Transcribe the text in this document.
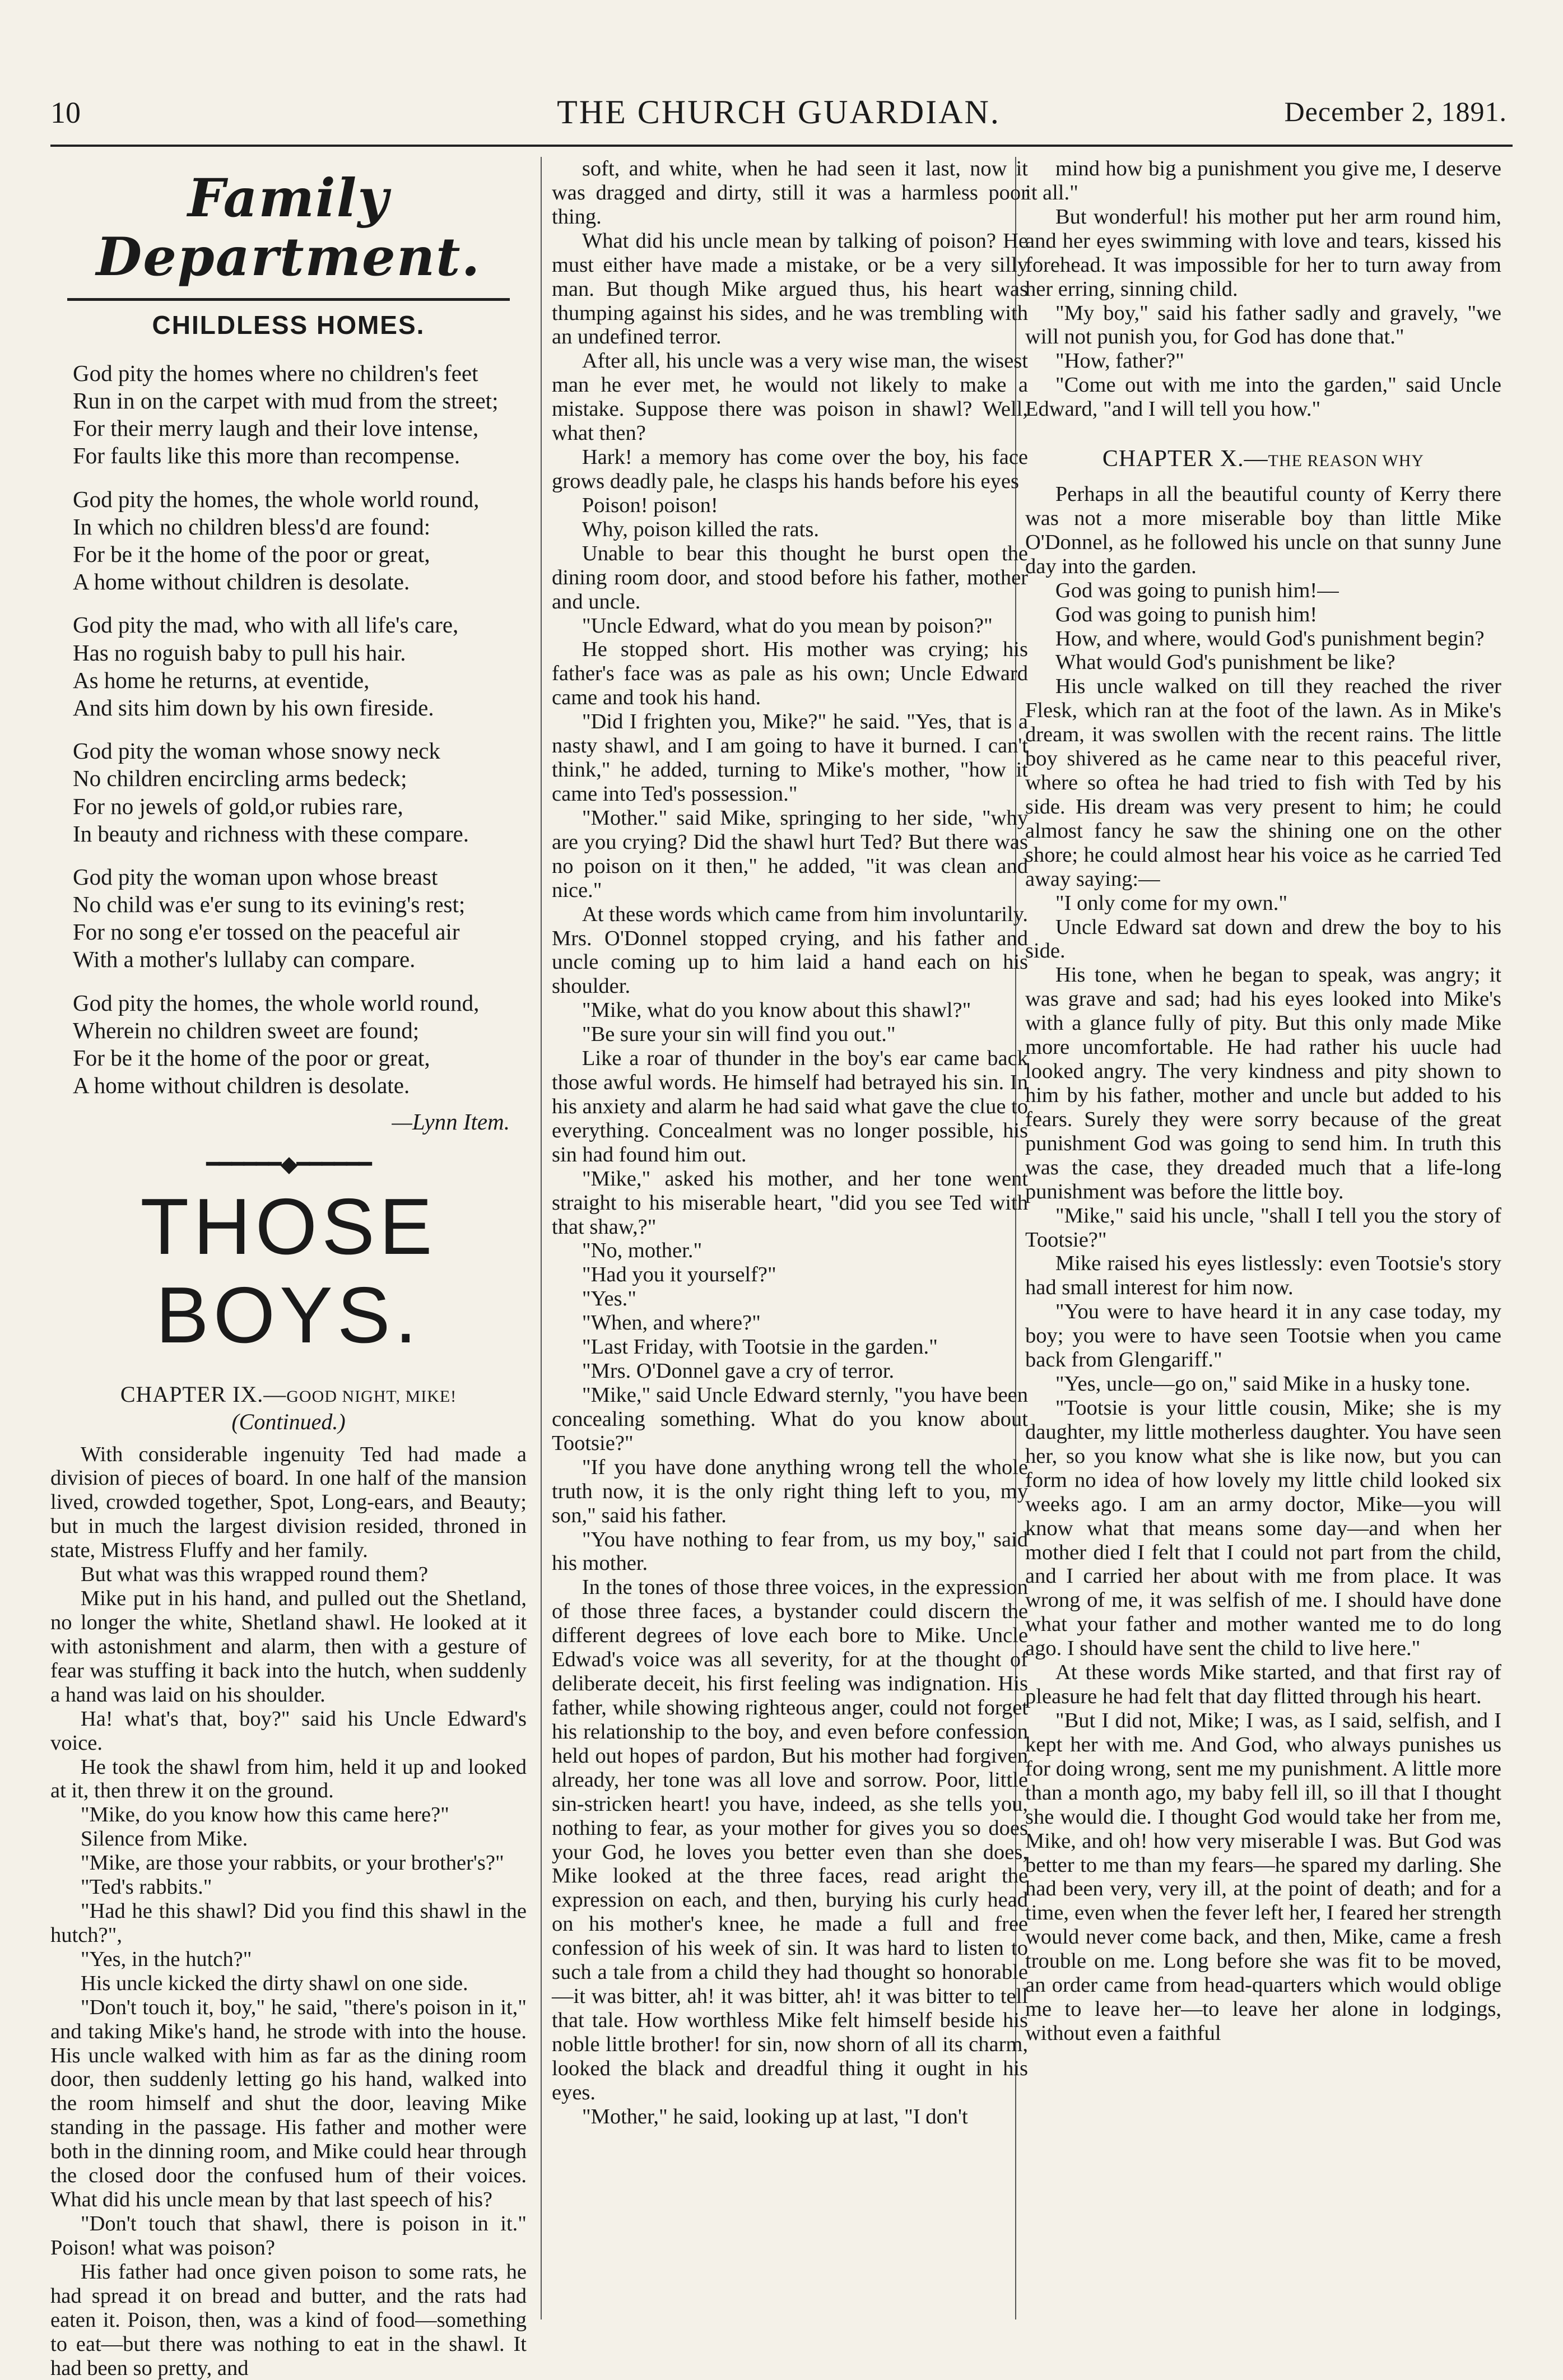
10	THE CHURCH GUARDIAN.	December 2, 1891.
Family Department.
CHILDLESS HOMES.
God pity the homes where no children's feet
Run in on the carpet with mud from the street;
For their merry laugh and their love intense,
For faults like this more than recompense.
God pity the homes, the whole world round,
In which no children bless'd are found:
For be it the home of the poor or great,
A home without children is desolate.
God pity the mad, who with all life's care,
Has no roguish baby to pull his hair.
As home he returns, at eventide,
And sits him down by his own fireside.
God pity the woman whose snowy neck
No children encircling arms bedeck;
For no jewels of gold,or rubies rare,
In beauty and richness with these compare.
God pity the woman upon whose breast
No child was e'er sung to its evining's rest;
For no song e'er tossed on the peaceful air
With a mother's lullaby can compare.
God pity the homes, the whole world round,
Wherein no children sweet are found;
For be it the home of the poor or great,
A home without children is desolate.
—Lynn Item.
━━━━━━◆━━━━━━
THOSE BOYS.
CHAPTER IX.—GOOD NIGHT, MIKE!
(Continued.)

With considerable ingenuity Ted had made a division of pieces of board. In one half of the mansion lived, crowded together, Spot, Long-ears, and Beauty; but in much the largest division resided, throned in state, Mistress Fluffy and her family.

But what was this wrapped round them?

Mike put in his hand, and pulled out the Shetland, no longer the white, Shetland shawl. He looked at it with astonishment and alarm, then with a gesture of fear was stuffing it back into the hutch, when suddenly a hand was laid on his shoulder.

Ha! what's that, boy?" said his Uncle Edward's voice.

He took the shawl from him, held it up and looked at it, then threw it on the ground.

"Mike, do you know how this came here?"

Silence from Mike.

"Mike, are those your rabbits, or your brother's?"

"Ted's rabbits."

"Had he this shawl? Did you find this shawl in the hutch?",

"Yes, in the hutch?"

His uncle kicked the dirty shawl on one side.

"Don't touch it, boy," he said, "there's poison in it," and taking Mike's hand, he strode with into the house. His uncle walked with him as far as the dining room door, then suddenly letting go his hand, walked into the room himself and shut the door, leaving Mike standing in the passage. His father and mother were both in the dinning room, and Mike could hear through the closed door the confused hum of their voices. What did his uncle mean by that last speech of his?

"Don't touch that shawl, there is poison in it." Poison! what was poison?

His father had once given poison to some rats, he had spread it on bread and butter, and the rats had eaten it. Poison, then, was a kind of food—something to eat—but there was nothing to eat in the shawl. It had been so pretty, and

soft, and white, when he had seen it last, now it was dragged and dirty, still it was a harmless poor thing.

What did his uncle mean by talking of poison? He must either have made a mistake, or be a very silly man. But though Mike argued thus, his heart was thumping against his sides, and he was trembling with an undefined terror.

After all, his uncle was a very wise man, the wisest man he ever met, he would not likely to make a mistake. Suppose there was poison in shawl? Well, what then?

Hark! a memory has come over the boy, his face grows deadly pale, he clasps his hands before his eyes

Poison! poison!

Why, poison killed the rats.

Unable to bear this thought he burst open the dining room door, and stood before his father, mother and uncle.

"Uncle Edward, what do you mean by poison?"

He stopped short. His mother was crying; his father's face was as pale as his own; Uncle Edward came and took his hand.

"Did I frighten you, Mike?" he said. "Yes, that is a nasty shawl, and I am going to have it burned. I can't think," he added, turning to Mike's mother, "how it came into Ted's possession."

"Mother." said Mike, springing to her side, "why are you crying? Did the shawl hurt Ted? But there was no poison on it then," he added, "it was clean and nice."

At these words which came from him involuntarily. Mrs. O'Donnel stopped crying, and his father and uncle coming up to him laid a hand each on his shoulder.

"Mike, what do you know about this shawl?"

"Be sure your sin will find you out."

Like a roar of thunder in the boy's ear came back those awful words. He himself had betrayed his sin. In his anxiety and alarm he had said what gave the clue to everything. Concealment was no longer possible, his sin had found him out.

"Mike," asked his mother, and her tone went straight to his miserable heart, "did you see Ted with that shaw,?"

"No, mother."

"Had you it yourself?"

"Yes."

"When, and where?"

"Last Friday, with Tootsie in the garden."

"Mrs. O'Donnel gave a cry of terror.

"Mike," said Uncle Edward sternly, "you have been concealing something. What do you know about Tootsie?"

"If you have done anything wrong tell the whole truth now, it is the only right thing left to you, my son," said his father.

"You have nothing to fear from, us my boy," said his mother.

In the tones of those three voices, in the expression of those three faces, a bystander could discern the different degrees of love each bore to Mike. Uncle Edwad's voice was all severity, for at the thought of deliberate deceit, his first feeling was indignation. His father, while showing righteous anger, could not forget his relationship to the boy, and even before confession held out hopes of pardon, But his mother had forgiven already, her tone was all love and sorrow. Poor, little sin-stricken heart! you have, indeed, as she tells you, nothing to fear, as your mother for gives you so does your God, he loves you better even than she does, Mike looked at the three faces, read aright the expression on each, and then, burying his curly head on his mother's knee, he made a full and free confession of his week of sin. It was hard to listen to such a tale from a child they had thought so honorable—it was bitter, ah! it was bitter, ah! it was bitter to tell that tale. How worthless Mike felt himself beside his noble little brother! for sin, now shorn of all its charm, looked the black and dreadful thing it ought in his eyes.

"Mother," he said, looking up at last, "I don't

mind how big a punishment you give me, I deserve it all."

But wonderful! his mother put her arm round him, and her eyes swimming with love and tears, kissed his forehead. It was impossible for her to turn away from her erring, sinning child.

"My boy," said his father sadly and gravely, "we will not punish you, for God has done that."

"How, father?"

"Come out with me into the garden," said Uncle Edward, "and I will tell you how."

CHAPTER X.—THE REASON WHY

Perhaps in all the beautiful county of Kerry there was not a more miserable boy than little Mike O'Donnel, as he followed his uncle on that sunny June day into the garden.

God was going to punish him!—

God was going to punish him!

How, and where, would God's punishment begin?

What would God's punishment be like?

His uncle walked on till they reached the river Flesk, which ran at the foot of the lawn. As in Mike's dream, it was swollen with the recent rains. The little boy shivered as he came near to this peaceful river, where so oftea he had tried to fish with Ted by his side. His dream was very present to him; he could almost fancy he saw the shining one on the other shore; he could almost hear his voice as he carried Ted away saying:—

"I only come for my own."

Uncle Edward sat down and drew the boy to his side.

His tone, when he began to speak, was angry; it was grave and sad; had his eyes looked into Mike's with a glance fully of pity. But this only made Mike more uncomfortable. He had rather his uucle had looked angry. The very kindness and pity shown to him by his father, mother and uncle but added to his fears. Surely they were sorry because of the great punishment God was going to send him. In truth this was the case, they dreaded much that a life-long punishment was before the little boy.

"Mike," said his uncle, "shall I tell you the story of Tootsie?"

Mike raised his eyes listlessly: even Tootsie's story had small interest for him now.

"You were to have heard it in any case today, my boy; you were to have seen Tootsie when you came back from Glengariff."

"Yes, uncle—go on," said Mike in a husky tone.

"Tootsie is your little cousin, Mike; she is my daughter, my little motherless daughter. You have seen her, so you know what she is like now, but you can form no idea of how lovely my little child looked six weeks ago. I am an army doctor, Mike—you will know what that means some day—and when her mother died I felt that I could not part from the child, and I carried her about with me from place. It was wrong of me, it was selfish of me. I should have done what your father and mother wanted me to do long ago. I should have sent the child to live here."

At these words Mike started, and that first ray of pleasure he had felt that day flitted through his heart.

"But I did not, Mike; I was, as I said, selfish, and I kept her with me. And God, who always punishes us for doing wrong, sent me my punishment. A little more than a month ago, my baby fell ill, so ill that I thought she would die. I thought God would take her from me, Mike, and oh! how very miserable I was. But God was better to me than my fears—he spared my darling. She had been very, very ill, at the point of death; and for a time, even when the fever left her, I feared her strength would never come back, and then, Mike, came a fresh trouble on me. Long before she was fit to be moved, an order came from head-quarters which would oblige me to leave her—to leave her alone in lodgings, without even a faithful
